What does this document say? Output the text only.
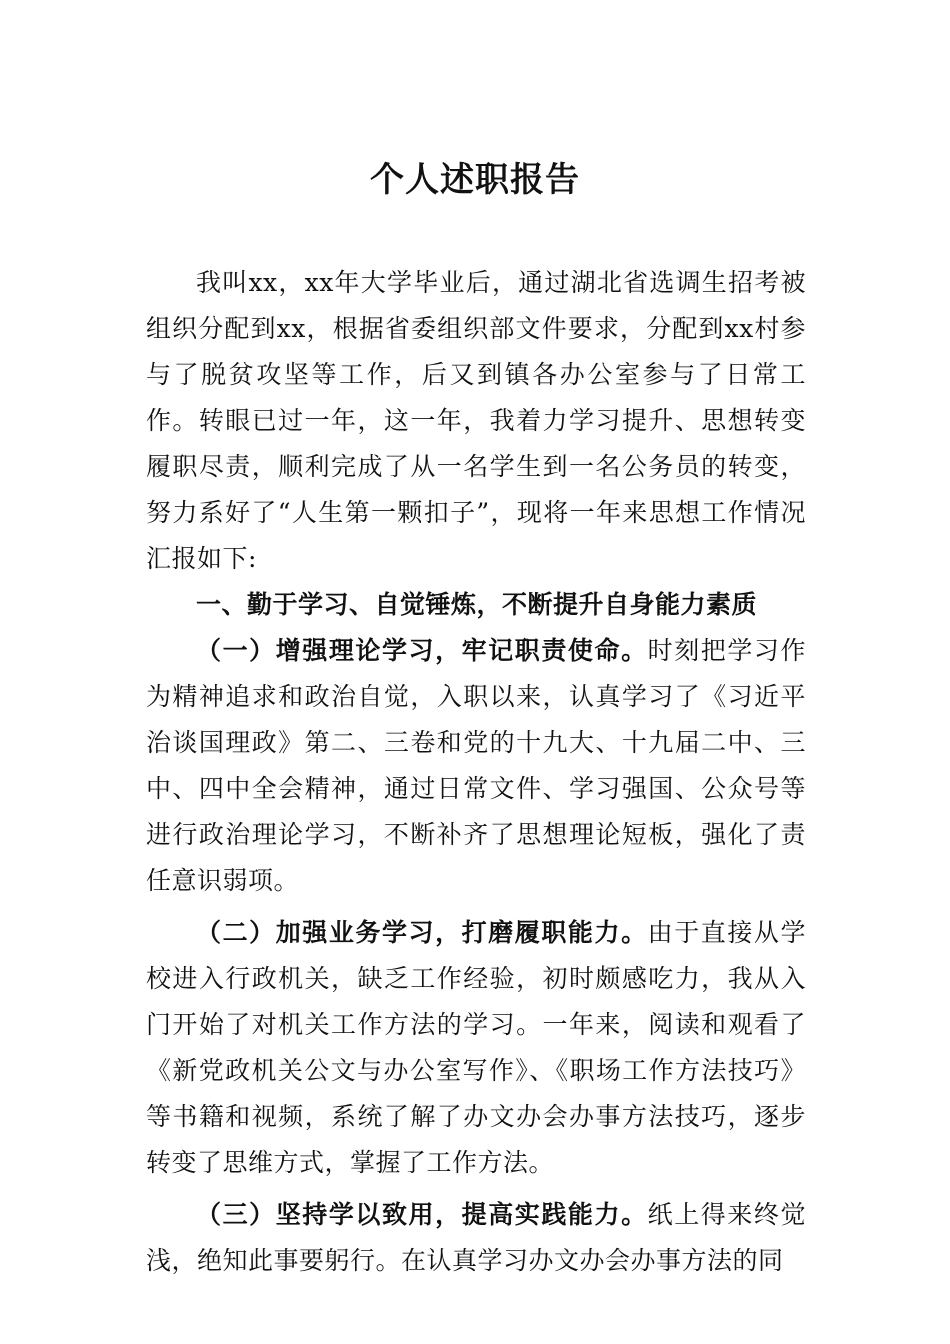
个人述职报告

我叫xx，xx年大学毕业后，通过湖北省选调生招考被组织分配到xx，根据省委组织部文件要求，分配到xx村参与了脱贫攻坚等工作，后又到镇各办公室参与了日常工作。转眼已过一年，这一年，我着力学习提升、思想转变履职尽责，顺利完成了从一名学生到一名公务员的转变，努力系好了“人生第一颗扣子”，现将一年来思想工作情况汇报如下:

一、勤于学习、自觉锤炼，不断提升自身能力素质

（一）增强理论学习，牢记职责使命。时刻把学习作为精神追求和政治自觉，入职以来，认真学习了《习近平治谈国理政》第二、三卷和党的十九大、十九届二中、三中、四中全会精神，通过日常文件、学习强国、公众号等进行政治理论学习，不断补齐了思想理论短板，强化了责任意识弱项。

（二）加强业务学习，打磨履职能力。由于直接从学校进入行政机关，缺乏工作经验，初时颇感吃力，我从入门开始了对机关工作方法的学习。一年来，阅读和观看了《新党政机关公文与办公室写作》、《职场工作方法技巧》等书籍和视频，系统了解了办文办会办事方法技巧，逐步转变了思维方式，掌握了工作方法。

（三）坚持学以致用，提高实践能力。纸上得来终觉浅，绝知此事要躬行。在认真学习办文办会办事方法的同
